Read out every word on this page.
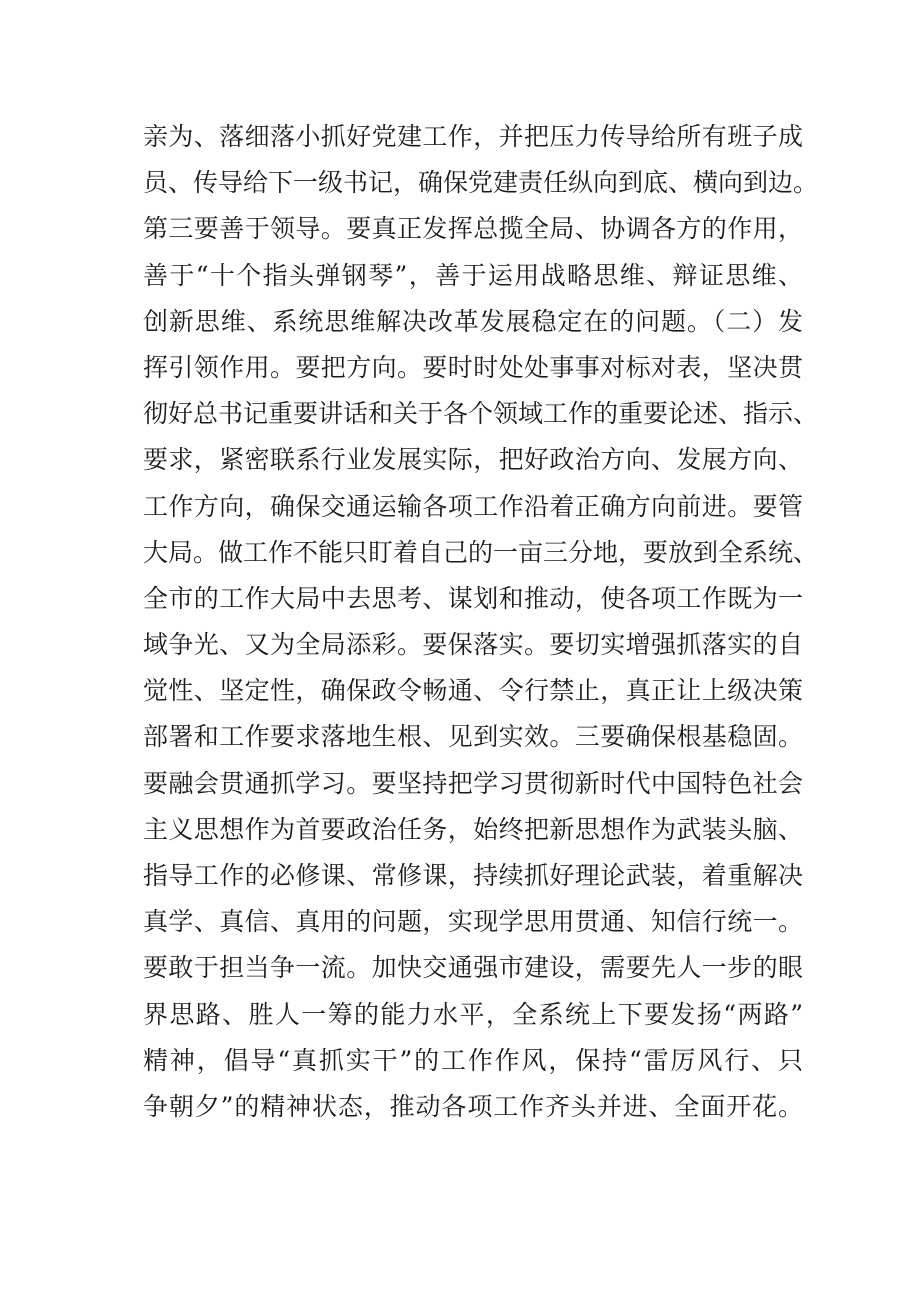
亲为、落细落小抓好党建工作，并把压力传导给所有班子成
员、传导给下一级书记，确保党建责任纵向到底、横向到边。
第三要善于领导。要真正发挥总揽全局、协调各方的作用，
善于“十个指头弹钢琴”，善于运用战略思维、辩证思维、
创新思维、系统思维解决改革发展稳定在的问题。（二）发
挥引领作用。要把方向。要时时处处事事对标对表，坚决贯
彻好总书记重要讲话和关于各个领域工作的重要论述、指示、
要求，紧密联系行业发展实际，把好政治方向、发展方向、
工作方向，确保交通运输各项工作沿着正确方向前进。要管
大局。做工作不能只盯着自己的一亩三分地，要放到全系统、
全市的工作大局中去思考、谋划和推动，使各项工作既为一
域争光、又为全局添彩。要保落实。要切实增强抓落实的自
觉性、坚定性，确保政令畅通、令行禁止，真正让上级决策
部署和工作要求落地生根、见到实效。三要确保根基稳固。
要融会贯通抓学习。要坚持把学习贯彻新时代中国特色社会
主义思想作为首要政治任务，始终把新思想作为武装头脑、
指导工作的必修课、常修课，持续抓好理论武装，着重解决
真学、真信、真用的问题，实现学思用贯通、知信行统一。
要敢于担当争一流。加快交通强市建设，需要先人一步的眼
界思路、胜人一筹的能力水平，全系统上下要发扬“两路”
精神，倡导“真抓实干”的工作作风，保持“雷厉风行、只
争朝夕”的精神状态，推动各项工作齐头并进、全面开花。
